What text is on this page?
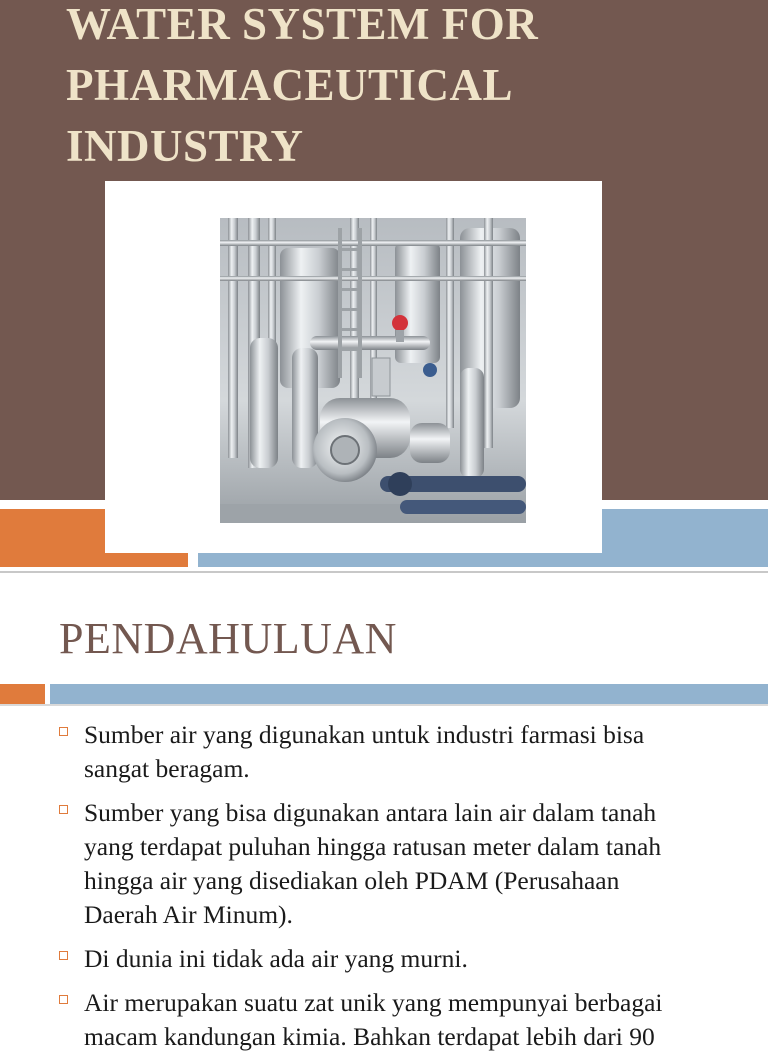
WATER SYSTEM FOR
PHARMACEUTICAL
INDUSTRY
PENDAHULUAN
Sumber air yang digunakan untuk industri farmasi bisa
sangat beragam.
Sumber yang bisa digunakan antara lain air dalam tanah
yang terdapat puluhan hingga ratusan meter dalam tanah
hingga air yang disediakan oleh PDAM (Perusahaan
Daerah Air Minum).
Di dunia ini tidak ada air yang murni.
Air merupakan suatu zat unik yang mempunyai berbagai
macam kandungan kimia. Bahkan terdapat lebih dari 90
